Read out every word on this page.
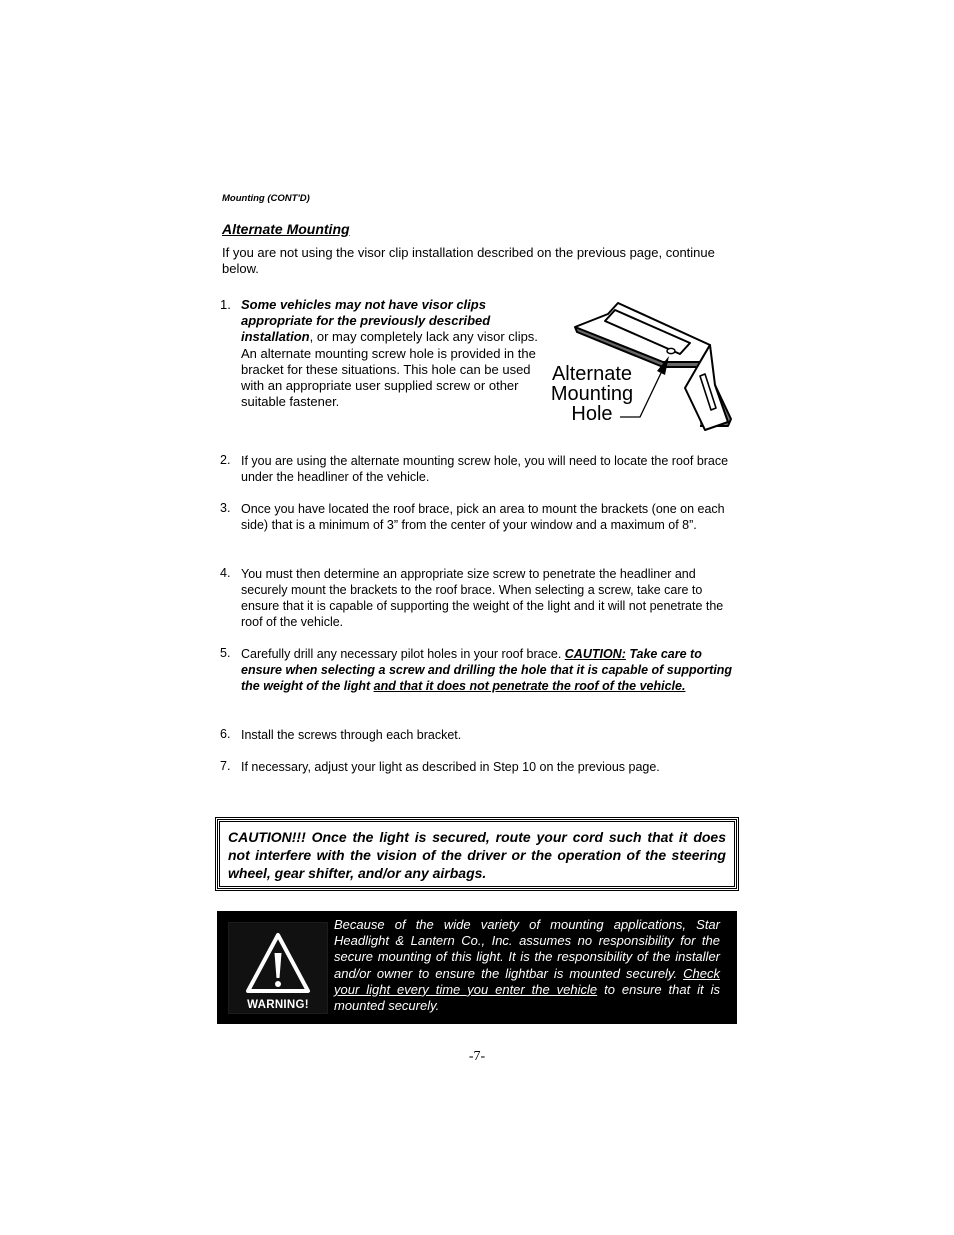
Mounting (CONT'D)
Alternate Mounting
If you are not using the visor clip installation described on the previous page, continue below.
1. Some vehicles may not have visor clips appropriate for the previously described installation, or may completely lack any visor clips. An alternate mounting screw hole is provided in the bracket for these situations. This hole can be used with an appropriate user supplied screw or other suitable fastener.
Alternate
Mounting
Hole
2. If you are using the alternate mounting screw hole, you will need to locate the roof brace under the headliner of the vehicle.
3. Once you have located the roof brace, pick an area to mount the brackets (one on each side) that is a minimum of 3” from the center of your window and a maximum of 8”.
4. You must then determine an appropriate size screw to penetrate the headliner and securely mount the brackets to the roof brace. When selecting a screw, take care to ensure that it is capable of supporting the weight of the light and it will not penetrate the roof of the vehicle.
5. Carefully drill any necessary pilot holes in your roof brace. CAUTION: Take care to ensure when selecting a screw and drilling the hole that it is capable of supporting the weight of the light and that it does not penetrate the roof of the vehicle.
6. Install the screws through each bracket.
7. If necessary, adjust your light as described in Step 10 on the previous page.
CAUTION!!! Once the light is secured, route your cord such that it does not interfere with the vision of the driver or the operation of the steering wheel, gear shifter, and/or any airbags.
WARNING!
Because of the wide variety of mounting applications, Star Headlight & Lantern Co., Inc. assumes no responsibility for the secure mounting of this light. It is the responsibility of the installer and/or owner to ensure the lightbar is mounted securely. Check your light every time you enter the vehicle to ensure that it is mounted securely.
-7-
